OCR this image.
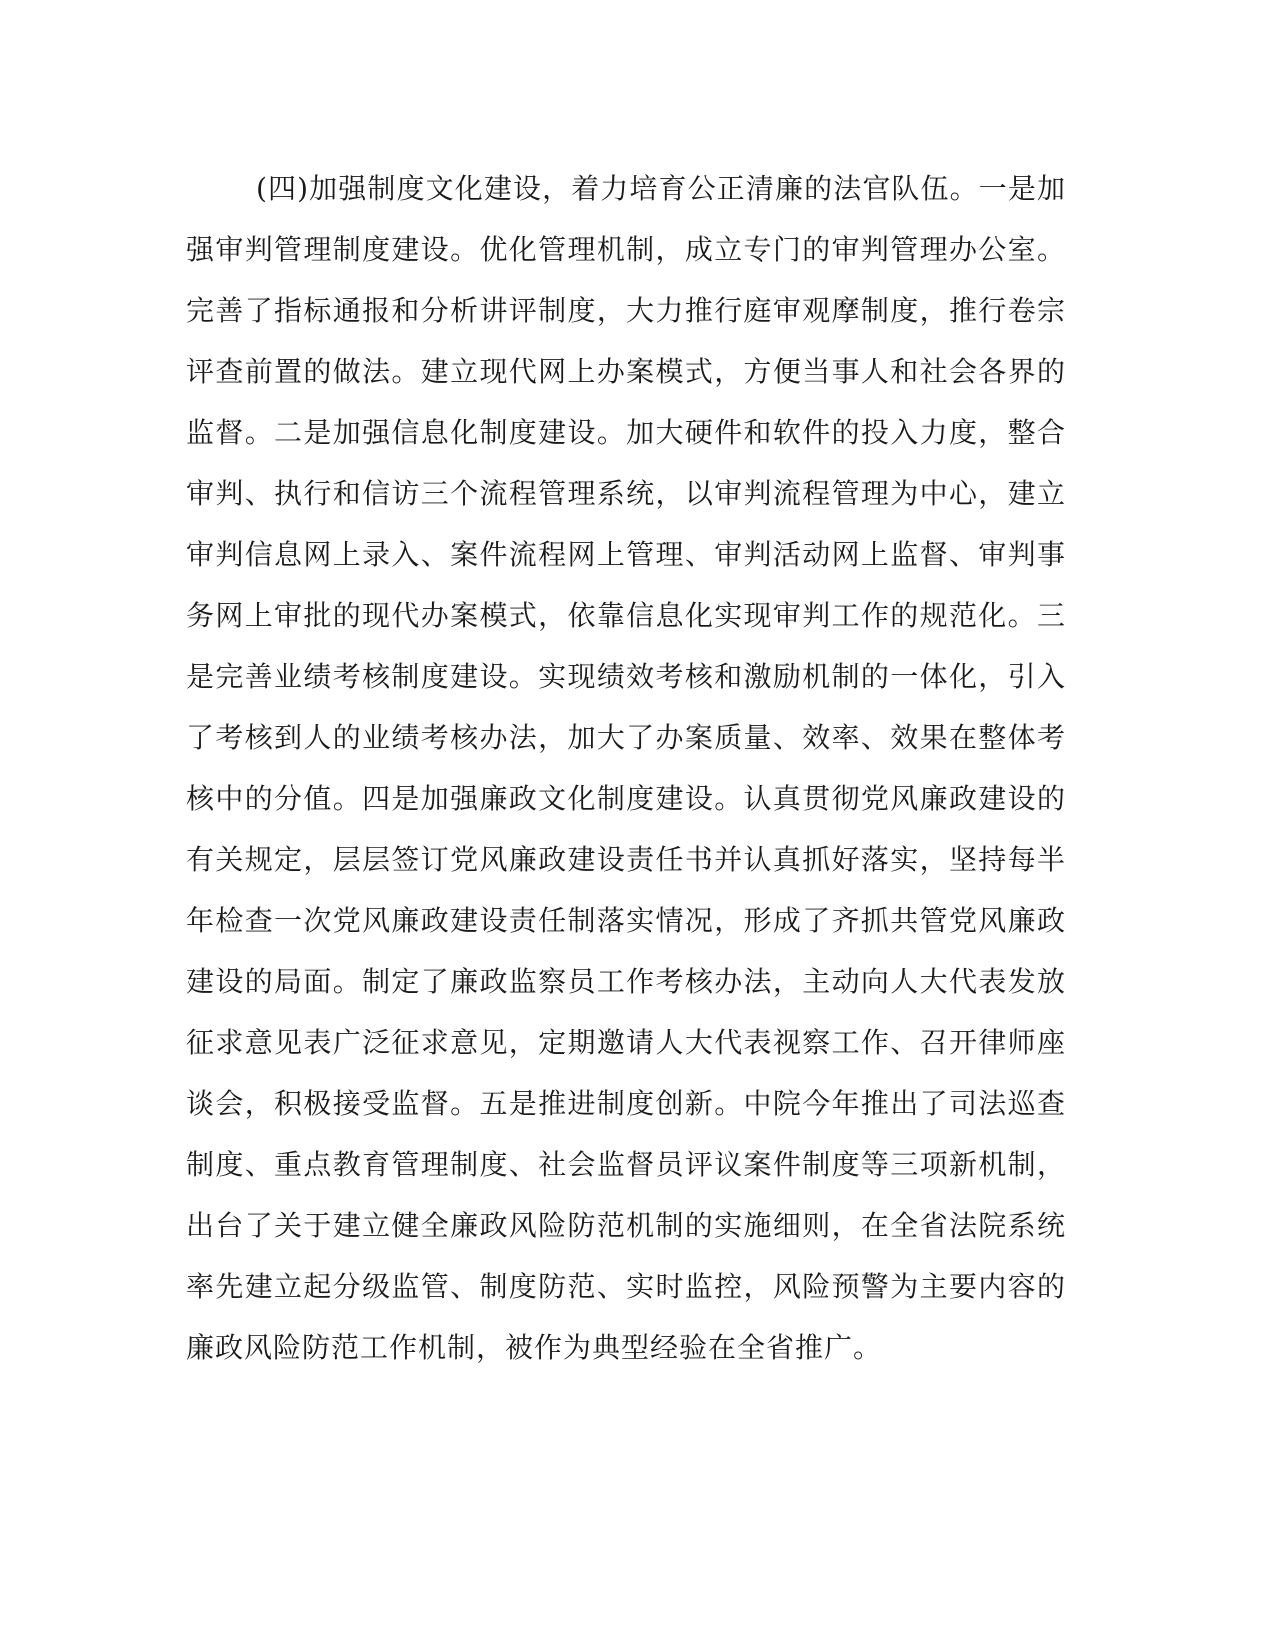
(四)加强制度文化建设，着力培育公正清廉的法官队伍。一是加
强审判管理制度建设。优化管理机制，成立专门的审判管理办公室。
完善了指标通报和分析讲评制度，大力推行庭审观摩制度，推行卷宗
评查前置的做法。建立现代网上办案模式，方便当事人和社会各界的
监督。二是加强信息化制度建设。加大硬件和软件的投入力度，整合
审判、执行和信访三个流程管理系统，以审判流程管理为中心，建立
审判信息网上录入、案件流程网上管理、审判活动网上监督、审判事
务网上审批的现代办案模式，依靠信息化实现审判工作的规范化。三
是完善业绩考核制度建设。实现绩效考核和激励机制的一体化，引入
了考核到人的业绩考核办法，加大了办案质量、效率、效果在整体考
核中的分值。四是加强廉政文化制度建设。认真贯彻党风廉政建设的
有关规定，层层签订党风廉政建设责任书并认真抓好落实，坚持每半
年检查一次党风廉政建设责任制落实情况，形成了齐抓共管党风廉政
建设的局面。制定了廉政监察员工作考核办法，主动向人大代表发放
征求意见表广泛征求意见，定期邀请人大代表视察工作、召开律师座
谈会，积极接受监督。五是推进制度创新。中院今年推出了司法巡查
制度、重点教育管理制度、社会监督员评议案件制度等三项新机制，
出台了关于建立健全廉政风险防范机制的实施细则，在全省法院系统
率先建立起分级监管、制度防范、实时监控，风险预警为主要内容的
廉政风险防范工作机制，被作为典型经验在全省推广。
